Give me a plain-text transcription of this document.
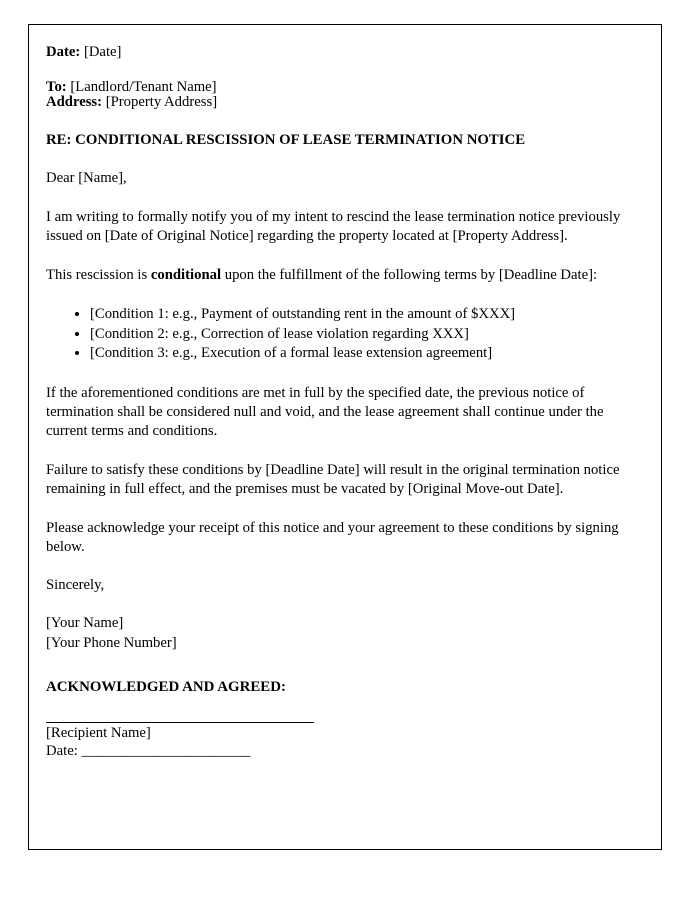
Date: [Date]
To: [Landlord/Tenant Name]
Address: [Property Address]
RE: CONDITIONAL RESCISSION OF LEASE TERMINATION NOTICE
Dear [Name],

I am writing to formally notify you of my intent to rescind the lease termination notice previously issued on [Date of Original Notice] regarding the property located at [Property Address].

This rescission is conditional upon the fulfillment of the following terms by [Deadline Date]:

• [Condition 1: e.g., Payment of outstanding rent in the amount of $XXX]
• [Condition 2: e.g., Correction of lease violation regarding XXX]
• [Condition 3: e.g., Execution of a formal lease extension agreement]

If the aforementioned conditions are met in full by the specified date, the previous notice of termination shall be considered null and void, and the lease agreement shall continue under the current terms and conditions.

Failure to satisfy these conditions by [Deadline Date] will result in the original termination notice remaining in full effect, and the premises must be vacated by [Original Move-out Date].

Please acknowledge your receipt of this notice and your agreement to these conditions by signing below.

Sincerely,
[Your Name]
[Your Phone Number]
ACKNOWLEDGED AND AGREED:
[Recipient Name]
Date: _______________________
